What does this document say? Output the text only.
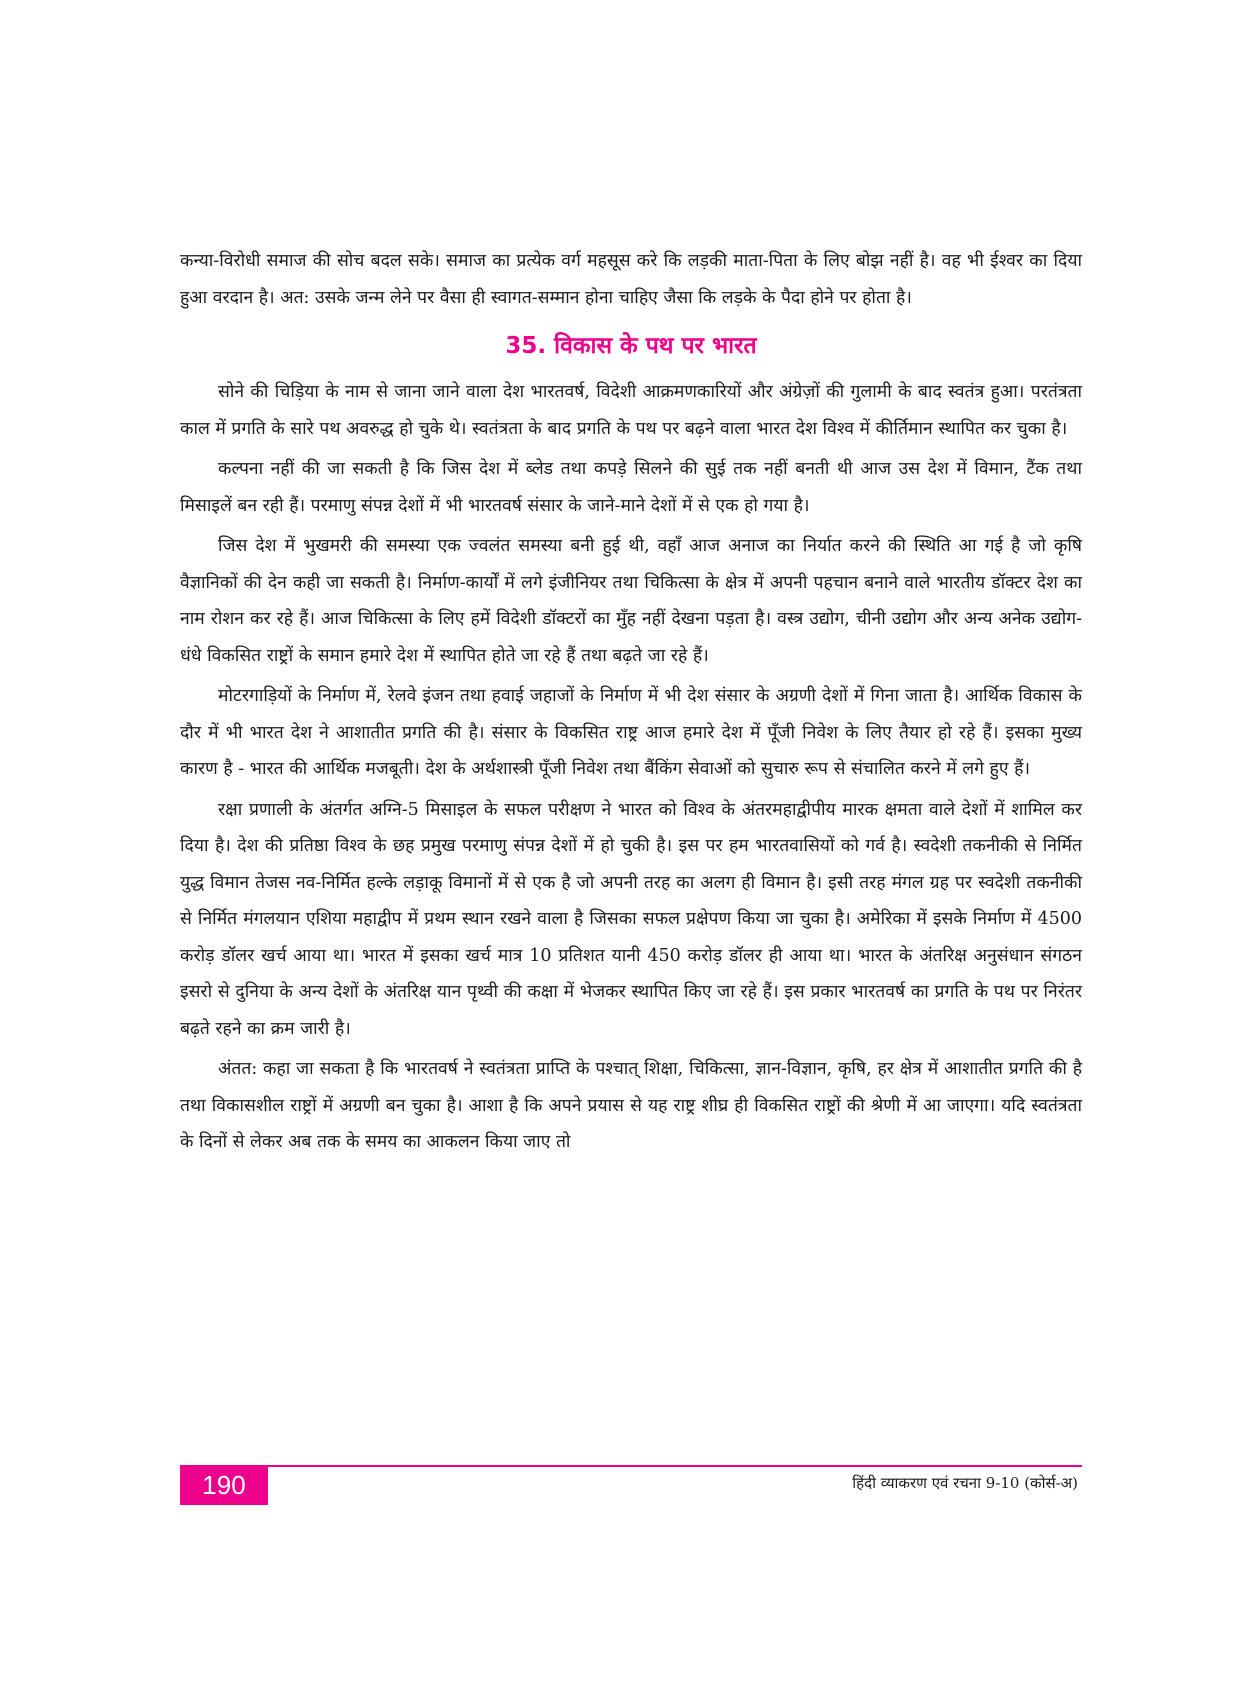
कन्या-विरोधी समाज की सोच बदल सके। समाज का प्रत्येक वर्ग महसूस करे कि लड़की माता-पिता के लिए बोझ नहीं है। वह भी ईश्वर का दिया हुआ वरदान है। अत: उसके जन्म लेने पर वैसा ही स्वागत-सम्मान होना चाहिए जैसा कि लड़के के पैदा होने पर होता है।

35. विकास के पथ पर भारत

सोने की चिड़िया के नाम से जाना जाने वाला देश भारतवर्ष, विदेशी आक्रमणकारियों और अंग्रेज़ों की गुलामी के बाद स्वतंत्र हुआ। परतंत्रता काल में प्रगति के सारे पथ अवरुद्ध हो चुके थे। स्वतंत्रता के बाद प्रगति के पथ पर बढ़ने वाला भारत देश विश्व में कीर्तिमान स्थापित कर चुका है।

कल्पना नहीं की जा सकती है कि जिस देश में ब्लेड तथा कपड़े सिलने की सुई तक नहीं बनती थी आज उस देश में विमान, टैंक तथा मिसाइलें बन रही हैं। परमाणु संपन्न देशों में भी भारतवर्ष संसार के जाने-माने देशों में से एक हो गया है।

जिस देश में भुखमरी की समस्या एक ज्वलंत समस्या बनी हुई थी, वहाँ आज अनाज का निर्यात करने की स्थिति आ गई है जो कृषि वैज्ञानिकों की देन कही जा सकती है। निर्माण-कार्यों में लगे इंजीनियर तथा चिकित्सा के क्षेत्र में अपनी पहचान बनाने वाले भारतीय डॉक्टर देश का नाम रोशन कर रहे हैं। आज चिकित्सा के लिए हमें विदेशी डॉक्टरों का मुँह नहीं देखना पड़ता है। वस्त्र उद्योग, चीनी उद्योग और अन्य अनेक उद्योग-धंधे विकसित राष्ट्रों के समान हमारे देश में स्थापित होते जा रहे हैं तथा बढ़ते जा रहे हैं।

मोटरगाड़ियों के निर्माण में, रेलवे इंजन तथा हवाई जहाजों के निर्माण में भी देश संसार के अग्रणी देशों में गिना जाता है। आर्थिक विकास के दौर में भी भारत देश ने आशातीत प्रगति की है। संसार के विकसित राष्ट्र आज हमारे देश में पूँजी निवेश के लिए तैयार हो रहे हैं। इसका मुख्य कारण है - भारत की आर्थिक मजबूती। देश के अर्थशास्त्री पूँजी निवेश तथा बैंकिंग सेवाओं को सुचारु रूप से संचालित करने में लगे हुए हैं।

रक्षा प्रणाली के अंतर्गत अग्नि-5 मिसाइल के सफल परीक्षण ने भारत को विश्व के अंतरमहाद्वीपीय मारक क्षमता वाले देशों में शामिल कर दिया है। देश की प्रतिष्ठा विश्व के छह प्रमुख परमाणु संपन्न देशों में हो चुकी है। इस पर हम भारतवासियों को गर्व है। स्वदेशी तकनीकी से निर्मित युद्ध विमान तेजस नव-निर्मित हल्के लड़ाकू विमानों में से एक है जो अपनी तरह का अलग ही विमान है। इसी तरह मंगल ग्रह पर स्वदेशी तकनीकी से निर्मित मंगलयान एशिया महाद्वीप में प्रथम स्थान रखने वाला है जिसका सफल प्रक्षेपण किया जा चुका है। अमेरिका में इसके निर्माण में 4500 करोड़ डॉलर खर्च आया था। भारत में इसका खर्च मात्र 10 प्रतिशत यानी 450 करोड़ डॉलर ही आया था। भारत के अंतरिक्ष अनुसंधान संगठन इसरो से दुनिया के अन्य देशों के अंतरिक्ष यान पृथ्वी की कक्षा में भेजकर स्थापित किए जा रहे हैं। इस प्रकार भारतवर्ष का प्रगति के पथ पर निरंतर बढ़ते रहने का क्रम जारी है।

अंतत: कहा जा सकता है कि भारतवर्ष ने स्वतंत्रता प्राप्ति के पश्चात् शिक्षा, चिकित्सा, ज्ञान-विज्ञान, कृषि, हर क्षेत्र में आशातीत प्रगति की है तथा विकासशील राष्ट्रों में अग्रणी बन चुका है। आशा है कि अपने प्रयास से यह राष्ट्र शीघ्र ही विकसित राष्ट्रों की श्रेणी में आ जाएगा। यदि स्वतंत्रता के दिनों से लेकर अब तक के समय का आकलन किया जाए तो

190	हिंदी व्याकरण एवं रचना 9-10 (कोर्स-अ)
